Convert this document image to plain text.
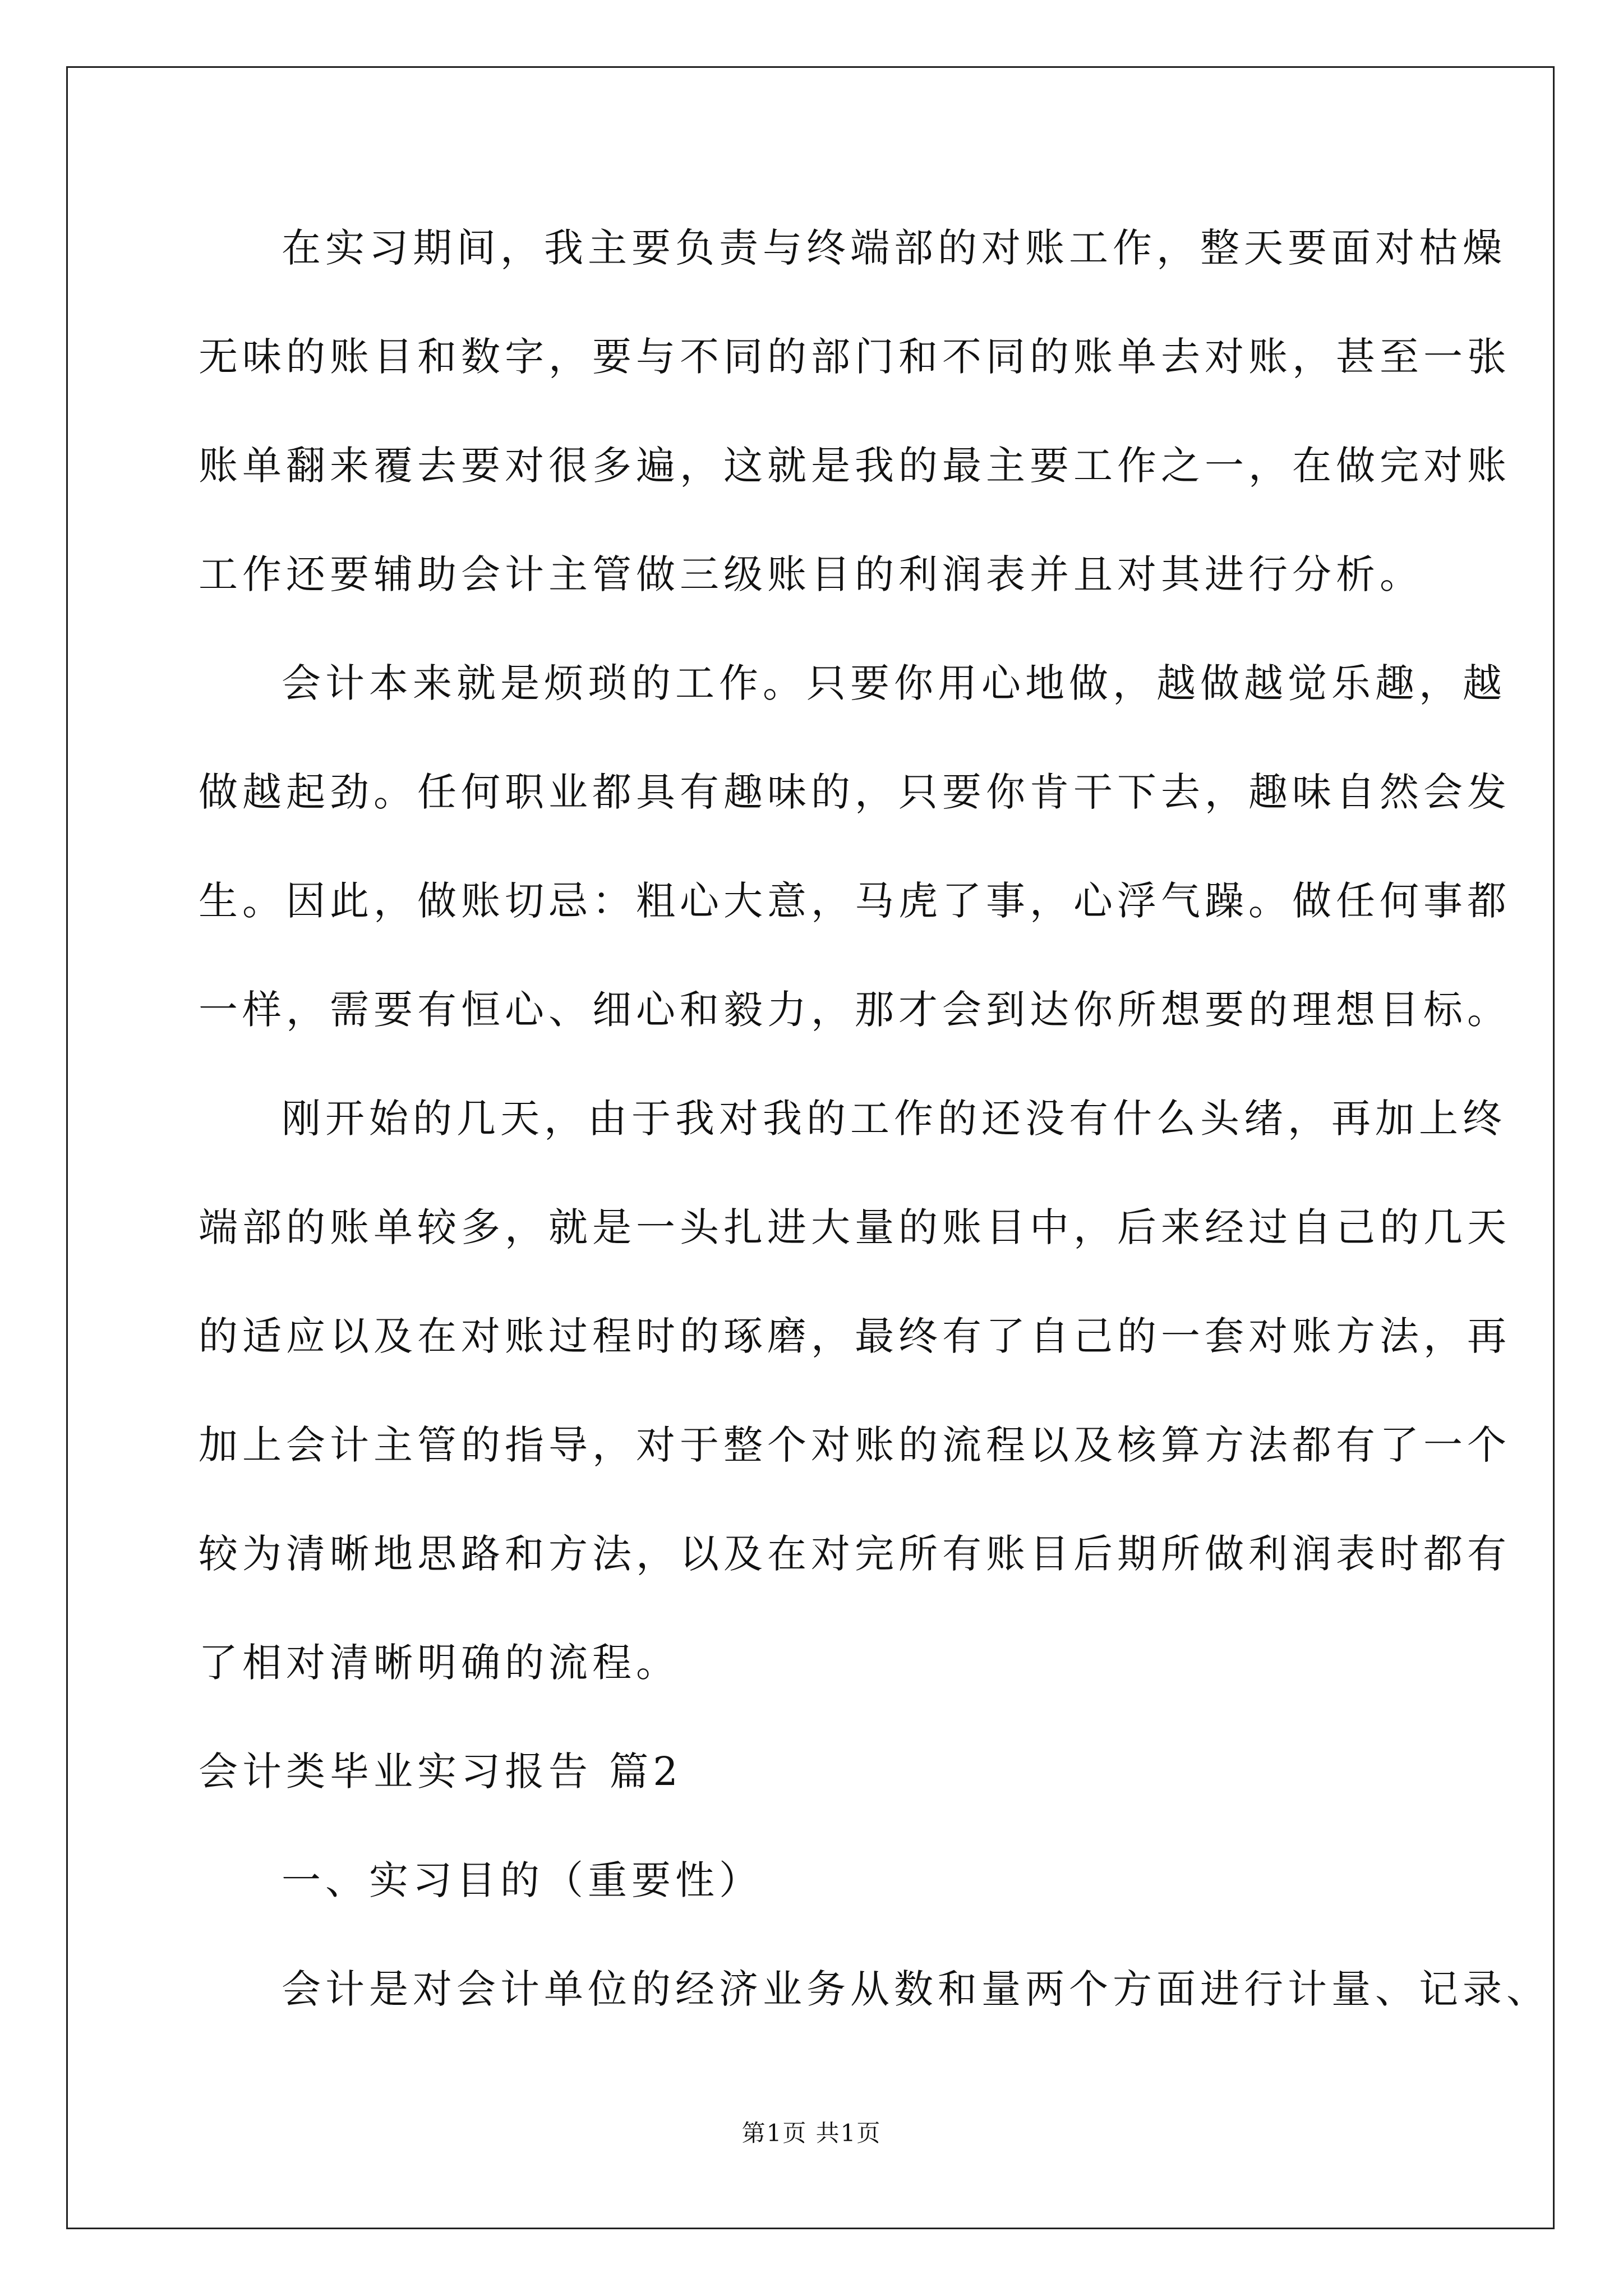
在实习期间，我主要负责与终端部的对账工作，整天要面对枯燥
无味的账目和数字，要与不同的部门和不同的账单去对账，甚至一张
账单翻来覆去要对很多遍，这就是我的最主要工作之一，在做完对账
工作还要辅助会计主管做三级账目的利润表并且对其进行分析。
会计本来就是烦琐的工作。只要你用心地做，越做越觉乐趣，越
做越起劲。任何职业都具有趣味的，只要你肯干下去，趣味自然会发
生。因此，做账切忌：粗心大意，马虎了事，心浮气躁。做任何事都
一样，需要有恒心、细心和毅力，那才会到达你所想要的理想目标。
刚开始的几天，由于我对我的工作的还没有什么头绪，再加上终
端部的账单较多，就是一头扎进大量的账目中，后来经过自己的几天
的适应以及在对账过程时的琢磨，最终有了自己的一套对账方法，再
加上会计主管的指导，对于整个对账的流程以及核算方法都有了一个
较为清晰地思路和方法，以及在对完所有账目后期所做利润表时都有
了相对清晰明确的流程。
会计类毕业实习报告 篇2
一、实习目的（重要性）
会计是对会计单位的经济业务从数和量两个方面进行计量、记录、
第1页 共1页
